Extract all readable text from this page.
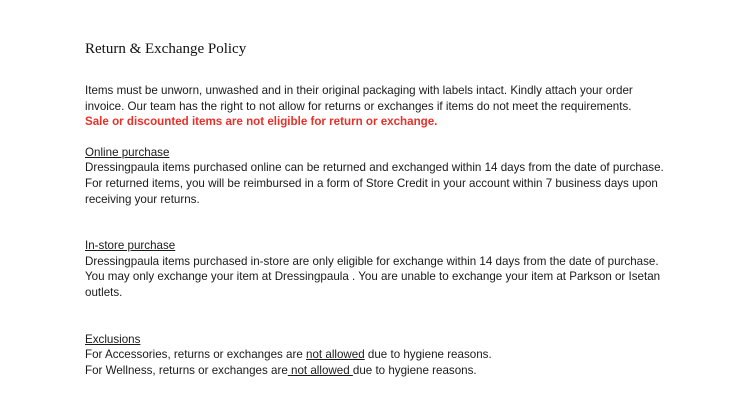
Return & Exchange Policy
Items must be unworn, unwashed and in their original packaging with labels intact. Kindly attach your order
invoice. Our team has the right to not allow for returns or exchanges if items do not meet the requirements.
Sale or discounted items are not eligible for return or exchange.
Online purchase
Dressingpaula items purchased online can be returned and exchanged within 14 days from the date of purchase.
For returned items, you will be reimbursed in a form of Store Credit in your account within 7 business days upon
receiving your returns.
In-store purchase
Dressingpaula items purchased in-store are only eligible for exchange within 14 days from the date of purchase.
You may only exchange your item at Dressingpaula . You are unable to exchange your item at Parkson or Isetan
outlets.
Exclusions
For Accessories, returns or exchanges are not allowed due to hygiene reasons.
For Wellness, returns or exchanges are not allowed due to hygiene reasons.
